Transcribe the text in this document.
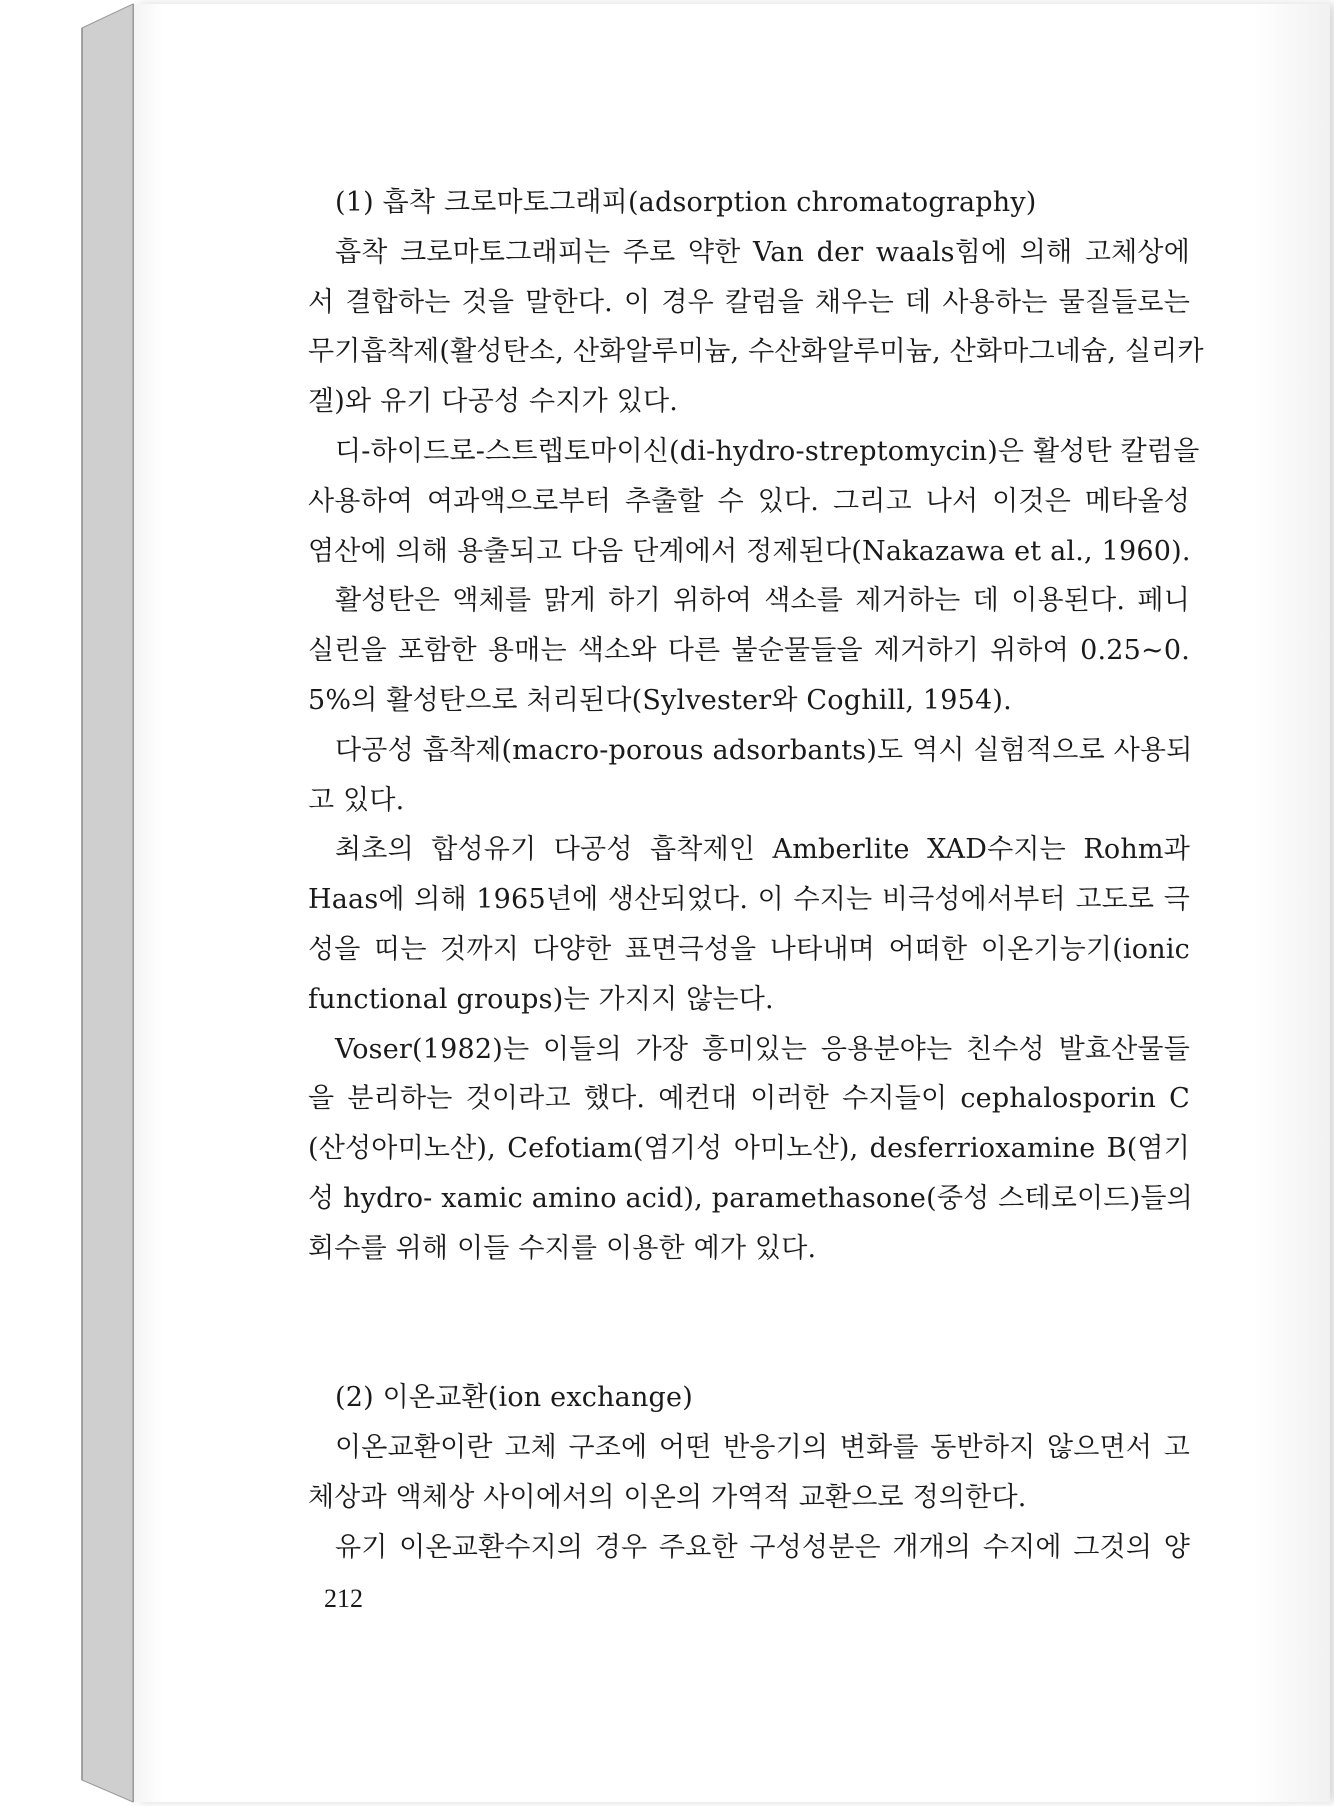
(1) 흡착 크로마토그래피(adsorption chromatography)
흡착 크로마토그래피는 주로 약한 Van der waals힘에 의해 고체상에
서 결합하는 것을 말한다. 이 경우 칼럼을 채우는 데 사용하는 물질들로는
무기흡착제(활성탄소, 산화알루미늄, 수산화알루미늄, 산화마그네슘, 실리카
겔)와 유기 다공성 수지가 있다.
디-하이드로-스트렙토마이신(di-hydro-streptomycin)은 활성탄 칼럼을
사용하여 여과액으로부터 추출할 수 있다. 그리고 나서 이것은 메타올성
염산에 의해 용출되고 다음 단계에서 정제된다(Nakazawa et al., 1960).
활성탄은 액체를 맑게 하기 위하여 색소를 제거하는 데 이용된다. 페니
실린을 포함한 용매는 색소와 다른 불순물들을 제거하기 위하여 0.25~0.
5%의 활성탄으로 처리된다(Sylvester와 Coghill, 1954).
다공성 흡착제(macro-porous adsorbants)도 역시 실험적으로 사용되
고 있다.
최초의 합성유기 다공성 흡착제인 Amberlite XAD수지는 Rohm과
Haas에 의해 1965년에 생산되었다. 이 수지는 비극성에서부터 고도로 극
성을 띠는 것까지 다양한 표면극성을 나타내며 어떠한 이온기능기(ionic
functional groups)는 가지지 않는다.
Voser(1982)는 이들의 가장 흥미있는 응용분야는 친수성 발효산물들
을 분리하는 것이라고 했다. 예컨대 이러한 수지들이 cephalosporin C
(산성아미노산), Cefotiam(염기성 아미노산), desferrioxamine B(염기
성 hydro- xamic amino acid), paramethasone(중성 스테로이드)들의
회수를 위해 이들 수지를 이용한 예가 있다.
(2) 이온교환(ion exchange)
이온교환이란 고체 구조에 어떤 반응기의 변화를 동반하지 않으면서 고
체상과 액체상 사이에서의 이온의 가역적 교환으로 정의한다.
유기 이온교환수지의 경우 주요한 구성성분은 개개의 수지에 그것의 양
212
